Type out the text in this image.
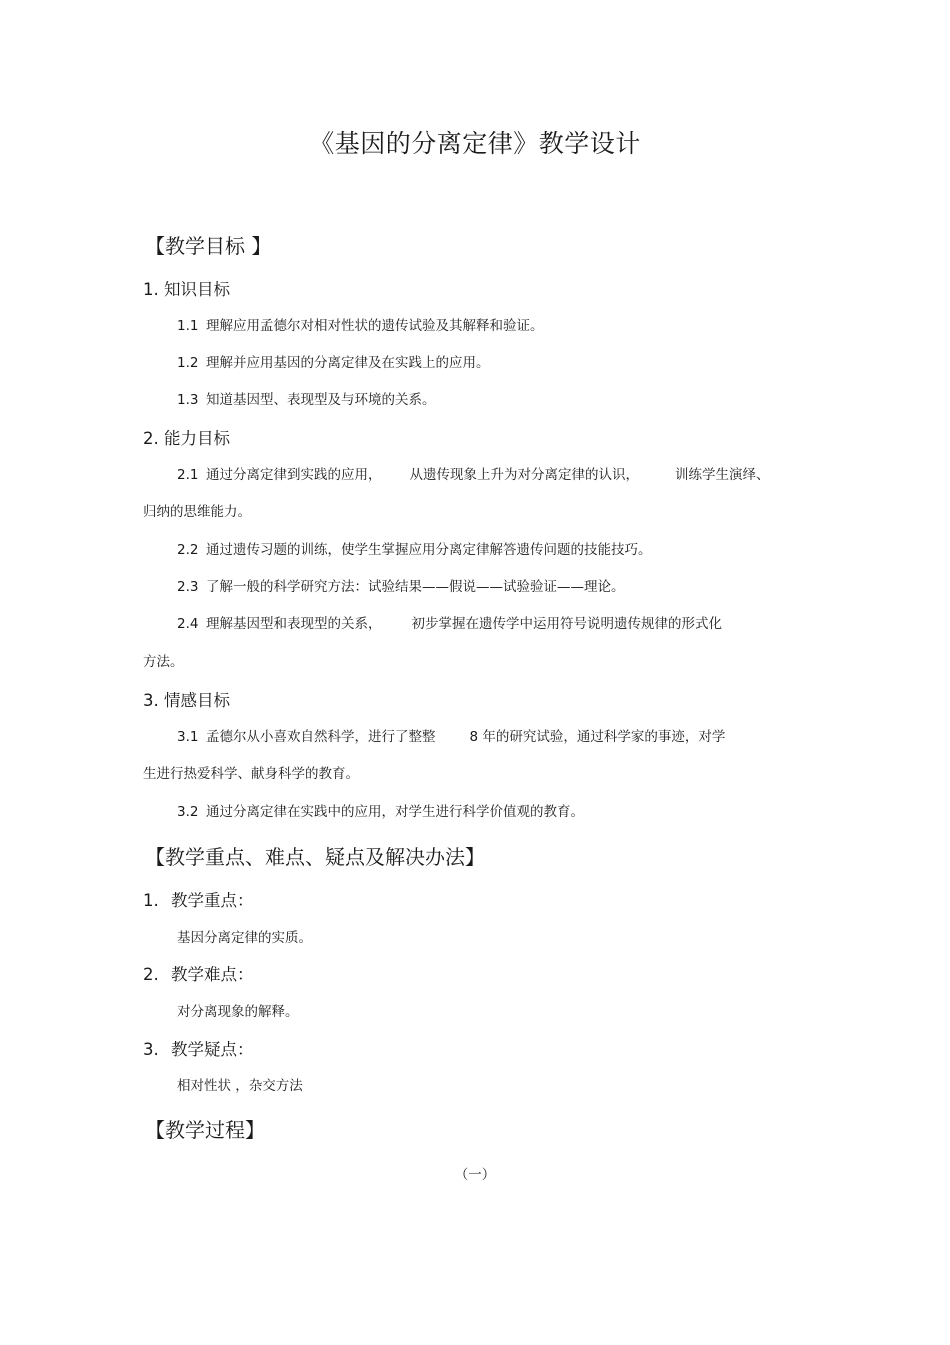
《基因的分离定律》教学设计
【教学目标 】
1. 知识目标
1.1 理解应用孟德尔对相对性状的遗传试验及其解释和验证。
1.2 理解并应用基因的分离定律及在实践上的应用。
1.3 知道基因型、表现型及与环境的关系。
2. 能力目标
2.1 通过分离定律到实践的应用， 从遗传现象上升为对分离定律的认识，	训练学生演绎、
归纳的思维能力。
2.2 通过遗传习题的训练，使学生掌握应用分离定律解答遗传问题的技能技巧。
2.3 了解一般的科学研究方法：试验结果——假说——试验验证——理论。
2.4 理解基因型和表现型的关系， 初步掌握在遗传学中运用符号说明遗传规律的形式化
方法。
3. 情感目标
3.1 孟德尔从小喜欢自然科学，进行了整整	8 年的研究试验，通过科学家的事迹，对学
生进行热爱科学、献身科学的教育。
3.2 通过分离定律在实践中的应用，对学生进行科学价值观的教育。
【教学重点、难点、疑点及解决办法】
1. 教学重点：
基因分离定律的实质。
2. 教学难点：
对分离现象的解释。
3. 教学疑点：
相对性状 ，杂交方法
【教学过程】
（一）
